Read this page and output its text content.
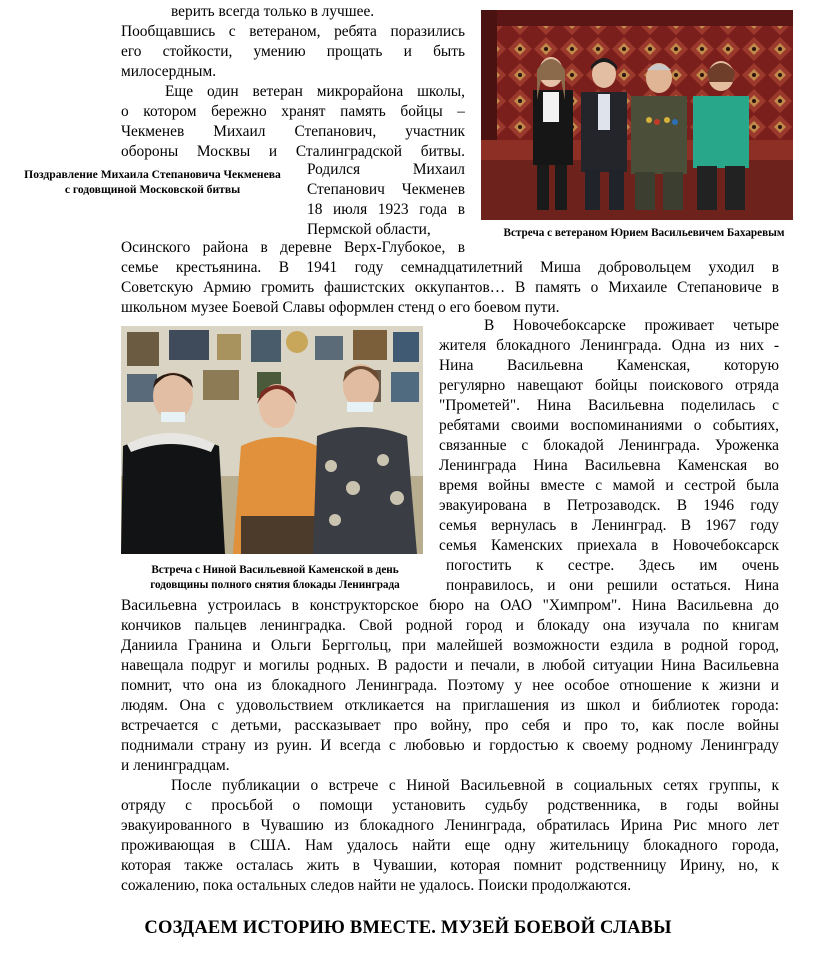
верить всегда только в лучшее.
Пообщавшись с ветераном, ребята поразились
его стойкости, умению прощать и быть
милосердным.
Еще один ветеран микрорайона школы,
о котором бережно хранят память бойцы –
Чекменев Михаил Степанович, участник
обороны Москвы и Сталинградской битвы.
Родился Михаил
Степанович Чекменев
18 июля 1923 года в
Пермской области,
Осинского района в деревне Верх-Глубокое, в
семье крестьянина. В 1941 году семнадцатилетний Миша добровольцем уходил в
Советскую Армию громить фашистских оккупантов… В память о Михаиле Степановиче в
школьном музее Боевой Славы оформлен стенд о его боевом пути.
В Новочебоксарске проживает четыре
жителя блокадного Ленинграда. Одна из них -
Нина Васильевна Каменская, которую
регулярно навещают бойцы поискового отряда
"Прометей". Нина Васильевна поделилась с
ребятами своими воспоминаниями о событиях,
связанные с блокадой Ленинграда. Уроженка
Ленинграда Нина Васильевна Каменская во
время войны вместе с мамой и сестрой была
эвакуирована в Петрозаводск. В 1946 году
семья вернулась в Ленинград. В 1967 году
семья Каменских приехала в Новочебоксарск
погостить к сестре. Здесь им очень
понравилось, и они решили остаться. Нина
Васильевна устроилась в конструкторское бюро на ОАО "Химпром". Нина Васильевна до
кончиков пальцев ленинградка. Свой родной город и блокаду она изучала по книгам
Даниила Гранина и Ольги Берггольц, при малейшей возможности ездила в родной город,
навещала подруг и могилы родных. В радости и печали, в любой ситуации Нина Васильевна
помнит, что она из блокадного Ленинграда. Поэтому у нее особое отношение к жизни и
людям. Она с удовольствием откликается на приглашения из школ и библиотек города:
встречается с детьми, рассказывает про войну, про себя и про то, как после войны
поднимали страну из руин. И всегда с любовью и гордостью к своему родному Ленинграду
и ленинградцам.
После публикации о встрече с Ниной Васильевной в социальных сетях группы, к
отряду с просьбой о помощи установить судьбу родственника, в годы войны
эвакуированного в Чувашию из блокадного Ленинграда, обратилась Ирина Рис много лет
проживающая в США. Нам удалось найти еще одну жительницу блокадного города,
которая также осталась жить в Чувашии, которая помнит родственницу Ирину, но, к
сожалению, пока остальных следов найти не удалось. Поиски продолжаются.
Поздравление Михаила Степановича Чекменева
с годовщиной Московской битвы
Встреча с ветераном Юрием Васильевичем Бахаревым
Встреча с Ниной Васильевной Каменской в день
годовщины полного снятия блокады Ленинграда
СОЗДАЕМ ИСТОРИЮ ВМЕСТЕ. МУЗЕЙ БОЕВОЙ СЛАВЫ
